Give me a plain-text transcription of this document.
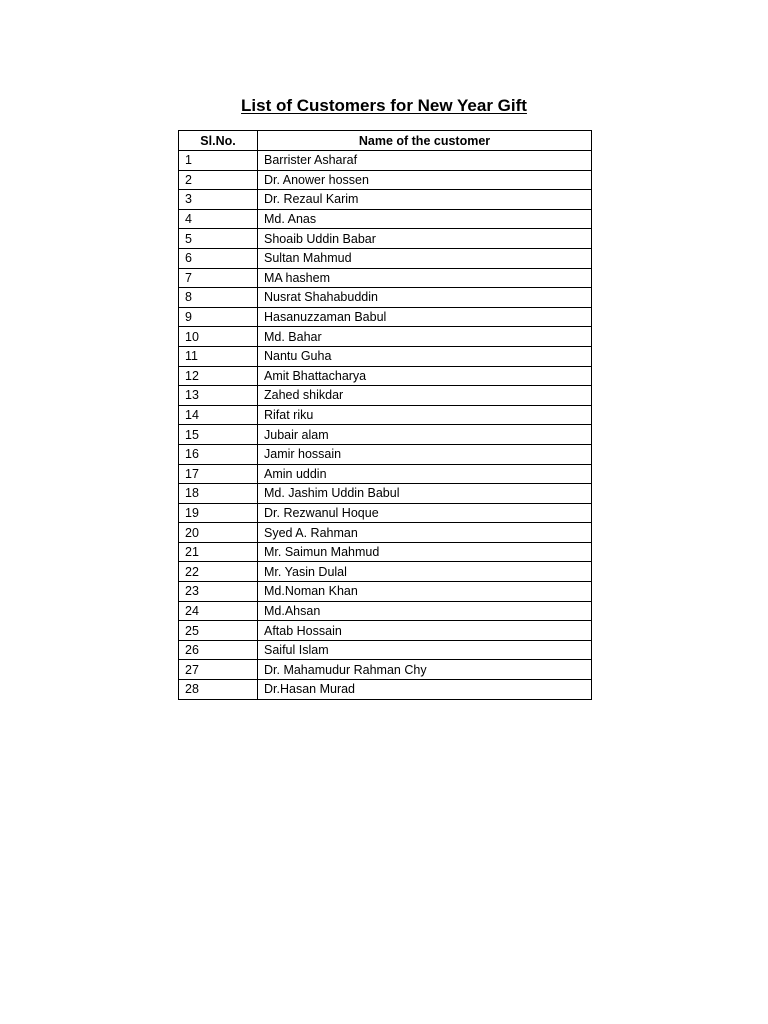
List of Customers for New Year Gift
Sl.No.	Name of the customer
1	Barrister Asharaf
2	Dr. Anower hossen
3	Dr. Rezaul Karim
4	Md. Anas
5	Shoaib Uddin Babar
6	Sultan Mahmud
7	MA hashem
8	Nusrat Shahabuddin
9	Hasanuzzaman Babul
10	Md. Bahar
11	Nantu Guha
12	Amit Bhattacharya
13	Zahed shikdar
14	Rifat riku
15	Jubair alam
16	Jamir hossain
17	Amin uddin
18	Md. Jashim Uddin Babul
19	Dr. Rezwanul Hoque
20	Syed A. Rahman
21	Mr. Saimun Mahmud
22	Mr. Yasin Dulal
23	Md.Noman Khan
24	Md.Ahsan
25	Aftab Hossain
26	Saiful Islam
27	Dr. Mahamudur Rahman Chy
28	Dr.Hasan Murad
